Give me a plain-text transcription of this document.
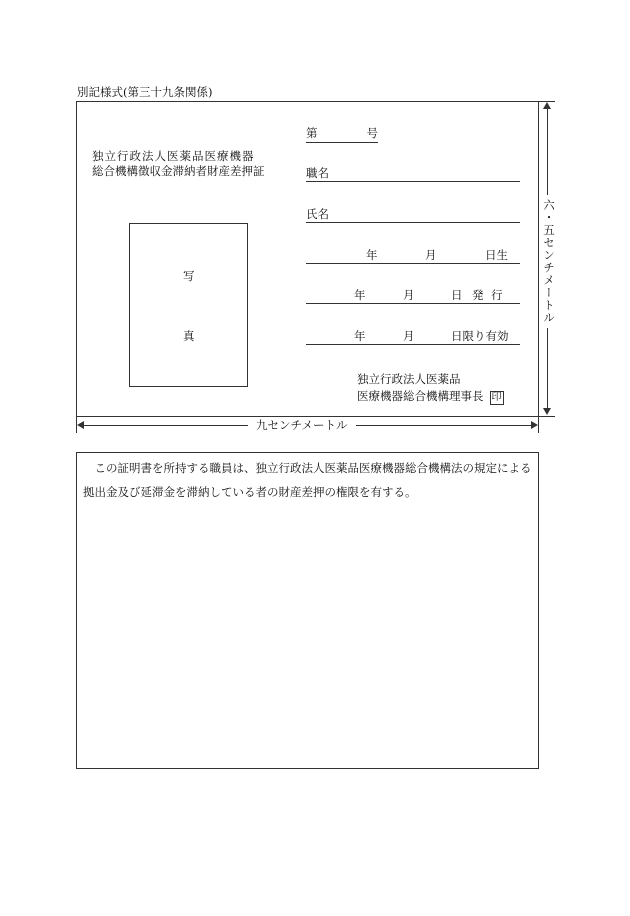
別記様式(第三十九条関係)
独立行政法人医薬品医療機器
総合機構徴収金滞納者財産差押証
第	号
職名
氏名
年	月	日生
年	月	日 発 行
年	月	日限り有効
写
真
独立行政法人医薬品
医療機器総合機構理事長 印
六・五センチメートル
九センチメートル

この証明書を所持する職員は、独立行政法人医薬品医療機器総合機構法の規定による拠出金及び延滞金を滞納している者の財産差押の権限を有する。
